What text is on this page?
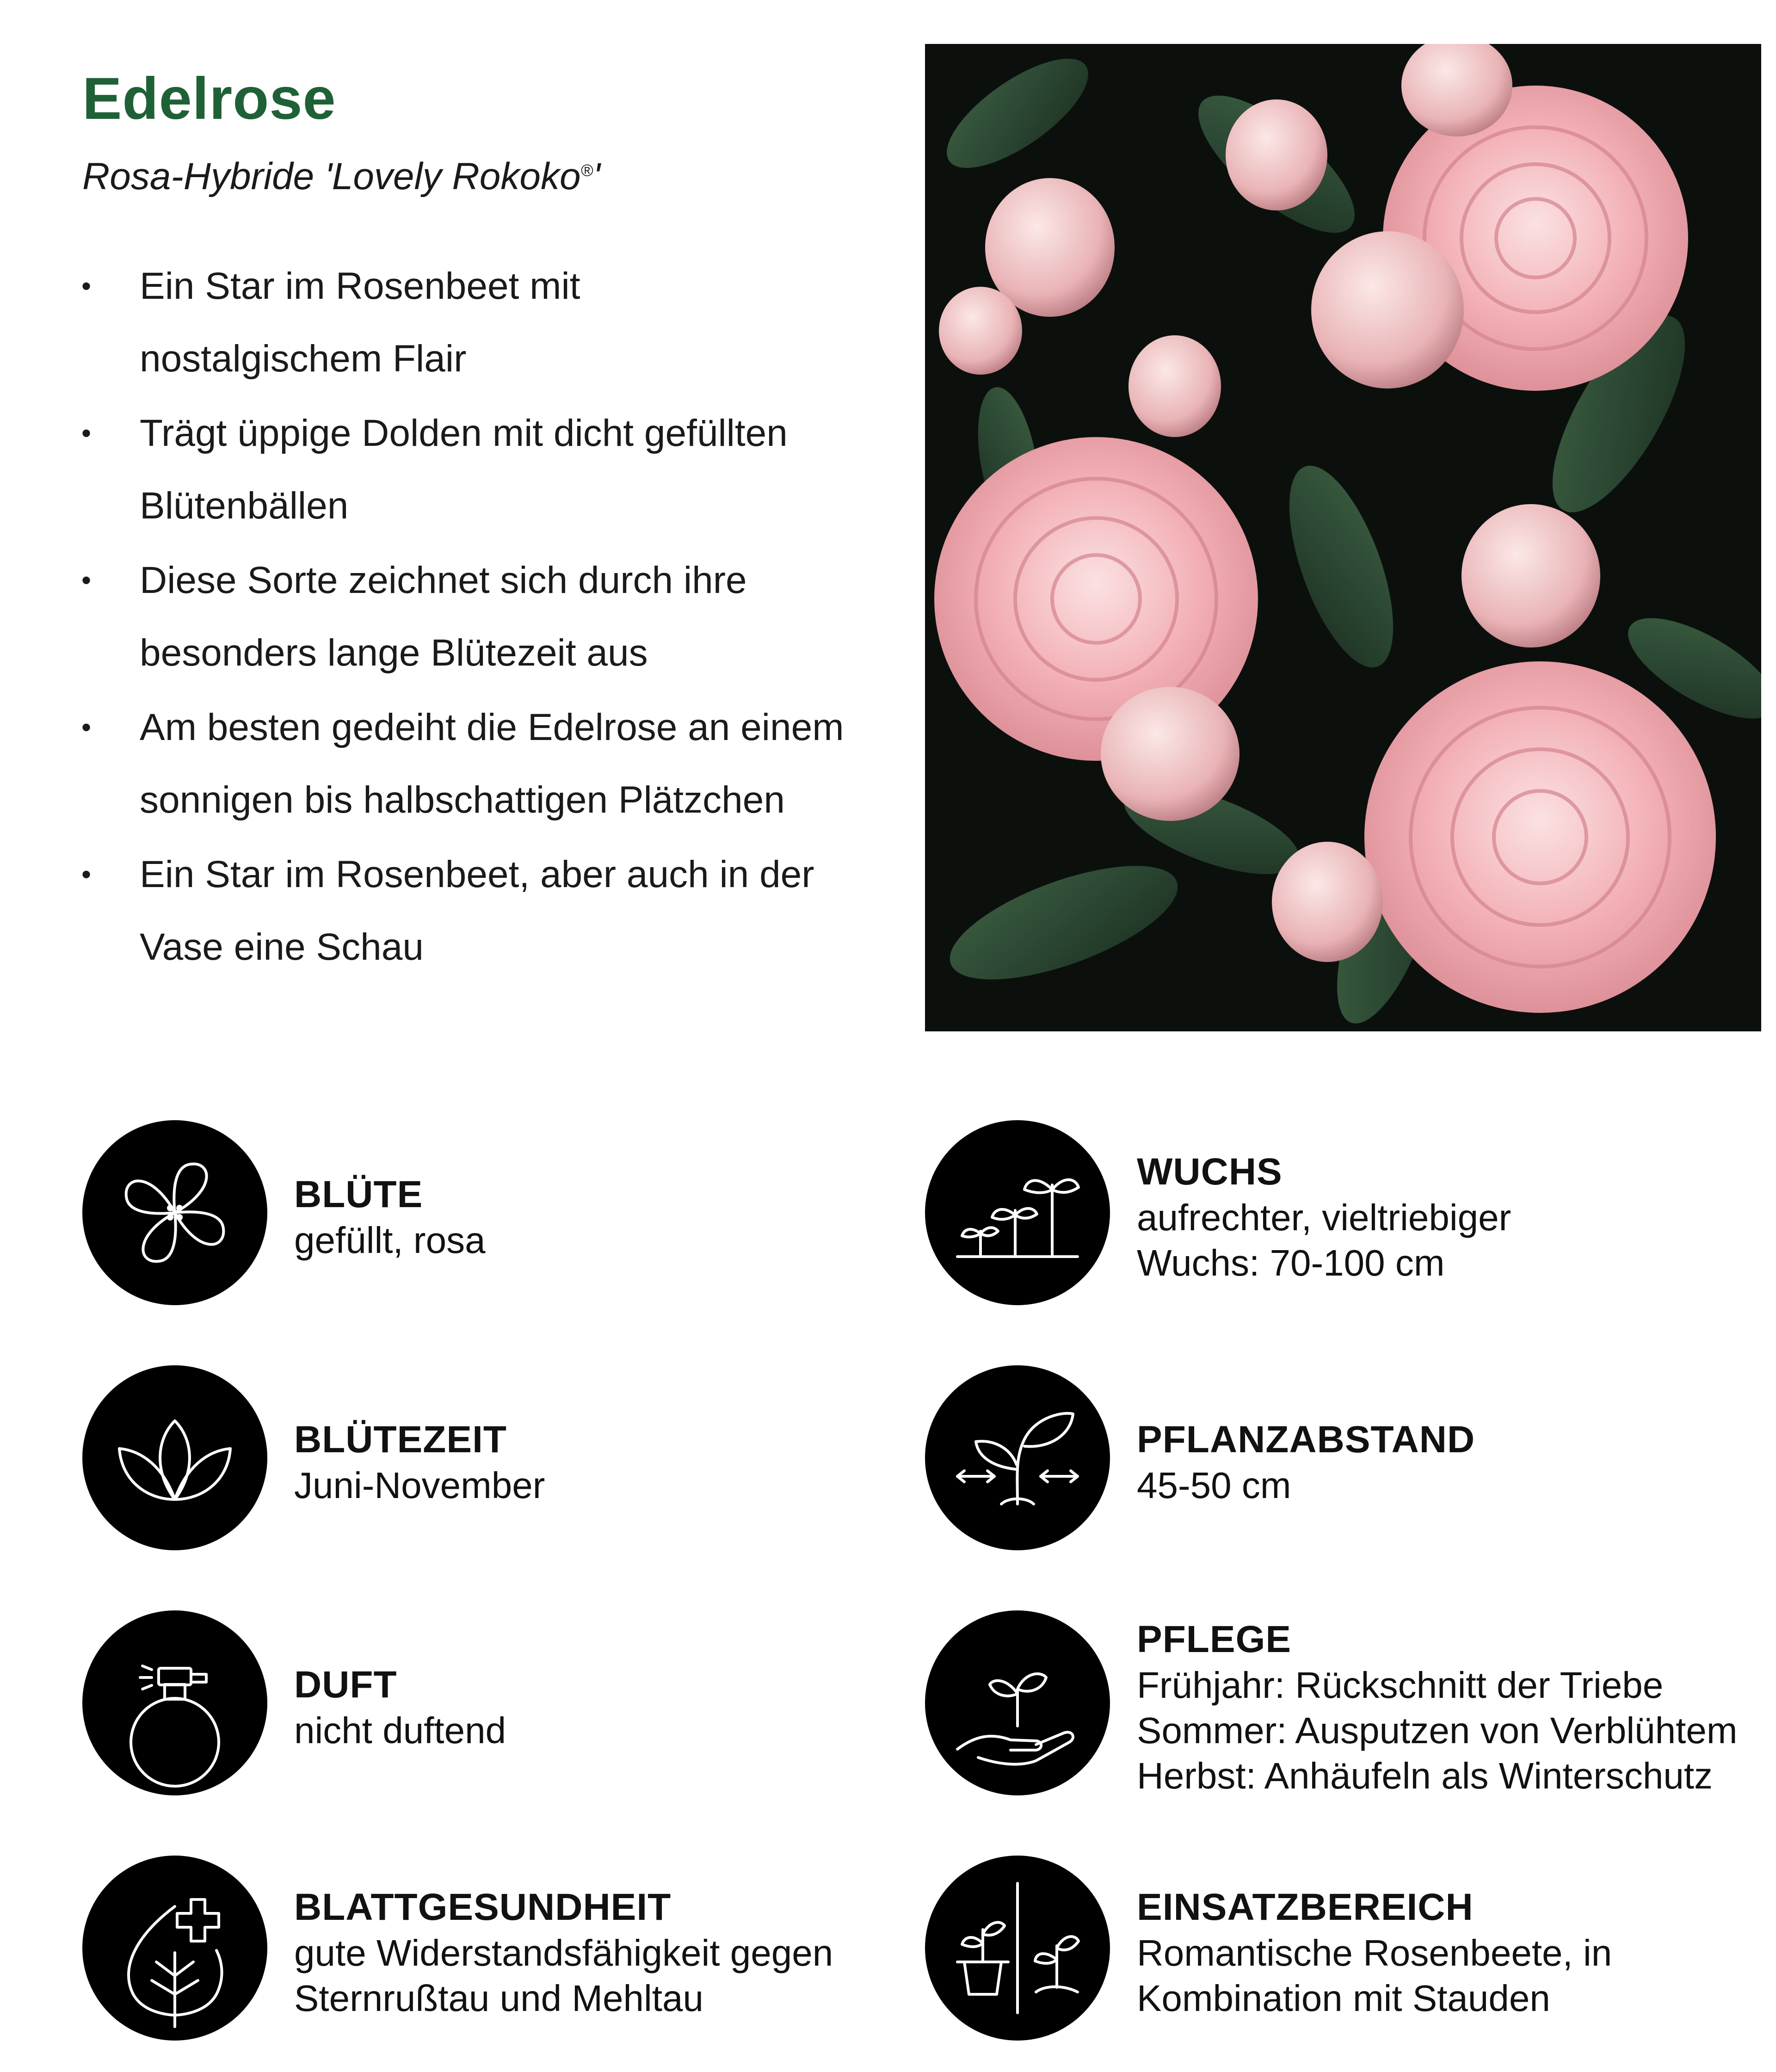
Edelrose

Rosa-Hybride 'Lovely Rokoko®'

• Ein Star im Rosenbeet mit
nostalgischem Flair
• Trägt üppige Dolden mit dicht gefüllten
Blütenbällen
• Diese Sorte zeichnet sich durch ihre
besonders lange Blütezeit aus
• Am besten gedeiht die Edelrose an einem
sonnigen bis halbschattigen Plätzchen
• Ein Star im Rosenbeet, aber auch in der
Vase eine Schau
BLÜTE
gefüllt, rosa
WUCHS
aufrechter, vieltriebiger
Wuchs: 70-100 cm
BLÜTEZEIT
Juni-November
PFLANZABSTAND
45-50 cm
DUFT
nicht duftend
PFLEGE
Frühjahr: Rückschnitt der Triebe
Sommer: Ausputzen von Verblühtem
Herbst: Anhäufeln als Winterschutz
BLATTGESUNDHEIT
gute Widerstandsfähigkeit gegen
Sternrußtau und Mehltau
EINSATZBEREICH
Romantische Rosenbeete, in
Kombination mit Stauden
